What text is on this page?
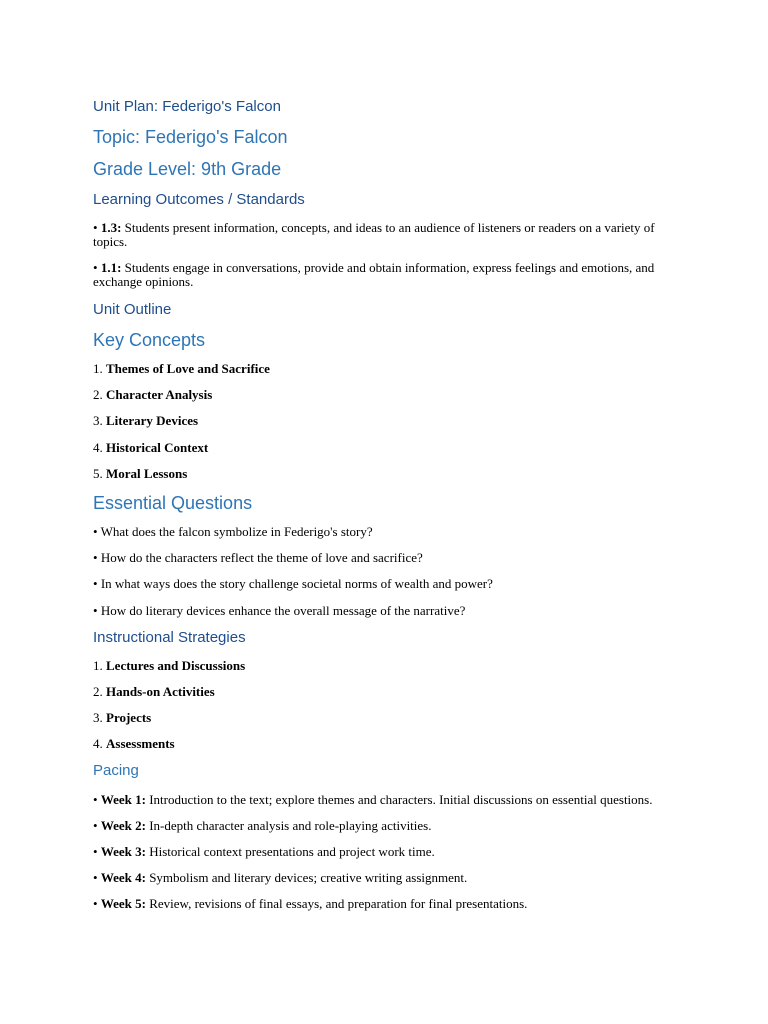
Unit Plan: Federigo's Falcon
Topic: Federigo's Falcon
Grade Level: 9th Grade
Learning Outcomes / Standards

• 1.3: Students present information, concepts, and ideas to an audience of listeners or readers on a variety of topics.

• 1.1: Students engage in conversations, provide and obtain information, express feelings and emotions, and exchange opinions.

Unit Outline
Key Concepts

1. Themes of Love and Sacrifice

2. Character Analysis

3. Literary Devices

4. Historical Context

5. Moral Lessons

Essential Questions

• What does the falcon symbolize in Federigo's story?

• How do the characters reflect the theme of love and sacrifice?

• In what ways does the story challenge societal norms of wealth and power?

• How do literary devices enhance the overall message of the narrative?

Instructional Strategies

1. Lectures and Discussions

2. Hands-on Activities

3. Projects

4. Assessments

Pacing

• Week 1: Introduction to the text; explore themes and characters. Initial discussions on essential questions.

• Week 2: In-depth character analysis and role-playing activities.

• Week 3: Historical context presentations and project work time.

• Week 4: Symbolism and literary devices; creative writing assignment.

• Week 5: Review, revisions of final essays, and preparation for final presentations.
